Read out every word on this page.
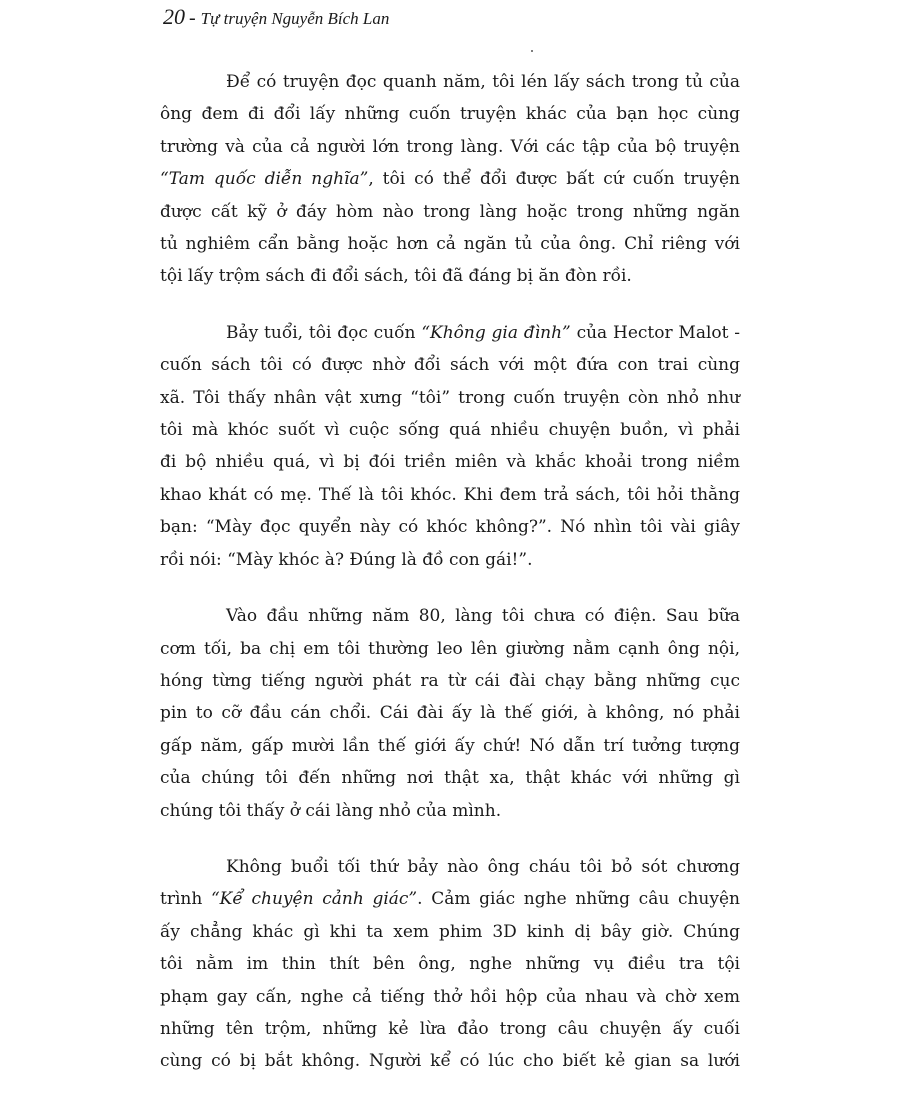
20 - Tự truyện Nguyễn Bích Lan

Để có truyện đọc quanh năm, tôi lén lấy sách trong tủ của
ông đem đi đổi lấy những cuốn truyện khác của bạn học cùng
trường và của cả người lớn trong làng. Với các tập của bộ truyện
“Tam quốc diễn nghĩa”, tôi có thể đổi được bất cứ cuốn truyện
được cất kỹ ở đáy hòm nào trong làng hoặc trong những ngăn
tủ nghiêm cẩn bằng hoặc hơn cả ngăn tủ của ông. Chỉ riêng với
tội lấy trộm sách đi đổi sách, tôi đã đáng bị ăn đòn rồi.

Bảy tuổi, tôi đọc cuốn “Không gia đình” của Hector Malot -
cuốn sách tôi có được nhờ đổi sách với một đứa con trai cùng
xã. Tôi thấy nhân vật xưng “tôi” trong cuốn truyện còn nhỏ như
tôi mà khóc suốt vì cuộc sống quá nhiều chuyện buồn, vì phải
đi bộ nhiều quá, vì bị đói triền miên và khắc khoải trong niềm
khao khát có mẹ. Thế là tôi khóc. Khi đem trả sách, tôi hỏi thằng
bạn: “Mày đọc quyển này có khóc không?”. Nó nhìn tôi vài giây
rồi nói: “Mày khóc à? Đúng là đồ con gái!”.

Vào đầu những năm 80, làng tôi chưa có điện. Sau bữa
cơm tối, ba chị em tôi thường leo lên giường nằm cạnh ông nội,
hóng từng tiếng người phát ra từ cái đài chạy bằng những cục
pin to cỡ đầu cán chổi. Cái đài ấy là thế giới, à không, nó phải
gấp năm, gấp mười lần thế giới ấy chứ! Nó dẫn trí tưởng tượng
của chúng tôi đến những nơi thật xa, thật khác với những gì
chúng tôi thấy ở cái làng nhỏ của mình.

Không buổi tối thứ bảy nào ông cháu tôi bỏ sót chương
trình “Kể chuyện cảnh giác”. Cảm giác nghe những câu chuyện
ấy chẳng khác gì khi ta xem phim 3D kinh dị bây giờ. Chúng
tôi nằm im thin thít bên ông, nghe những vụ điều tra tội
phạm gay cấn, nghe cả tiếng thở hồi hộp của nhau và chờ xem
những tên trộm, những kẻ lừa đảo trong câu chuyện ấy cuối
cùng có bị bắt không. Người kể có lúc cho biết kẻ gian sa lưới
